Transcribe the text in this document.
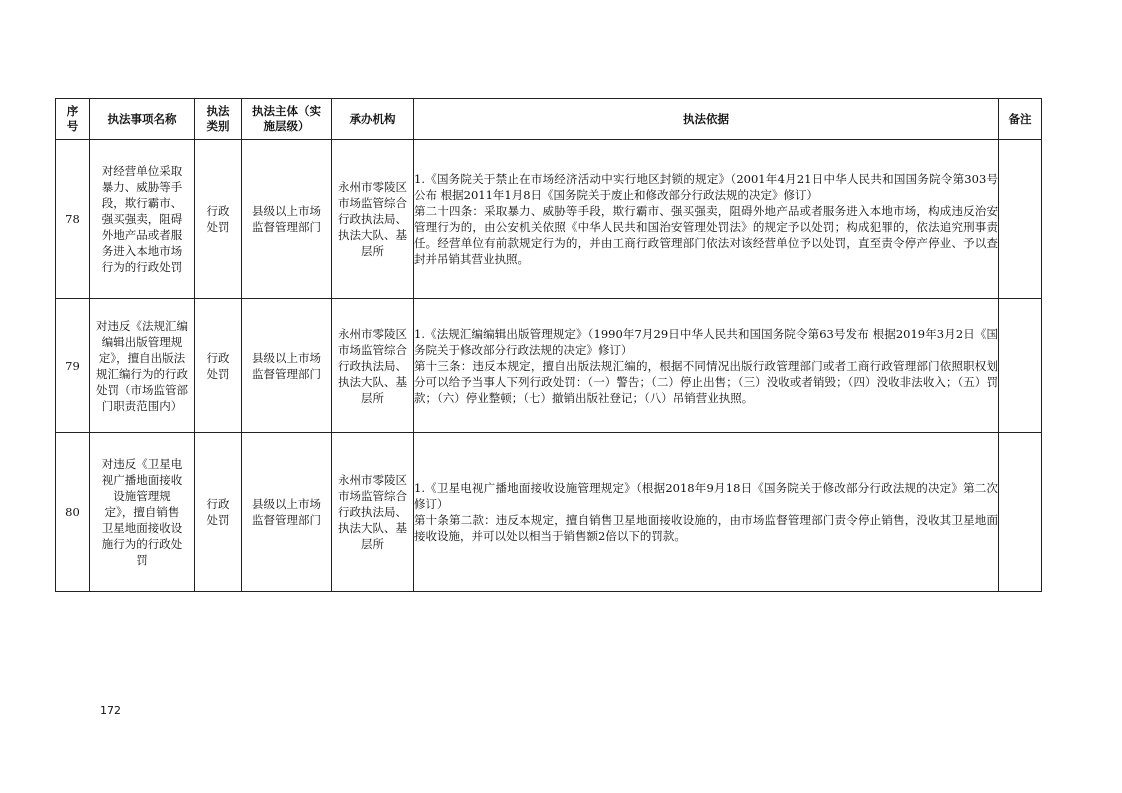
序号	执法事项名称	执法类别	执法主体（实施层级）	承办机构	执法依据	备注
78	对经营单位采取暴力、威胁等手段，欺行霸市、强买强卖，阻碍外地产品或者服务进入本地市场行为的行政处罚	行政处罚	县级以上市场监督管理部门	永州市零陵区市场监管综合行政执法局、执法大队、基层所	1.《国务院关于禁止在市场经济活动中实行地区封锁的规定》（2001年4月21日中华人民共和国国务院令第303号公布 根据2011年1月8日《国务院关于废止和修改部分行政法规的决定》修订）
第二十四条：采取暴力、威胁等手段，欺行霸市、强买强卖，阻碍外地产品或者服务进入本地市场，构成违反治安管理行为的，由公安机关依照《中华人民共和国治安管理处罚法》的规定予以处罚；构成犯罪的，依法追究刑事责任。经营单位有前款规定行为的，并由工商行政管理部门依法对该经营单位予以处罚，直至责令停产停业、予以查封并吊销其营业执照。	

79	对违反《法规汇编编辑出版管理规定》，擅自出版法规汇编行为的行政处罚（市场监管部门职责范围内）	行政处罚	县级以上市场监督管理部门	永州市零陵区市场监管综合行政执法局、执法大队、基层所	1.《法规汇编编辑出版管理规定》（1990年7月29日中华人民共和国国务院令第63号发布 根据2019年3月2日《国务院关于修改部分行政法规的决定》修订）
第十三条：违反本规定，擅自出版法规汇编的，根据不同情况出版行政管理部门或者工商行政管理部门依照职权划分可以给予当事人下列行政处罚：（一）警告；（二）停止出售；（三）没收或者销毁；（四）没收非法收入；（五）罚款；（六）停业整顿；（七）撤销出版社登记；（八）吊销营业执照。	

80	对违反《卫星电视广播地面接收设施管理规定》，擅自销售卫星地面接收设施行为的行政处罚	行政处罚	县级以上市场监督管理部门	永州市零陵区市场监管综合行政执法局、执法大队、基层所	1.《卫星电视广播地面接收设施管理规定》（根据2018年9月18日《国务院关于修改部分行政法规的决定》第二次修订）
第十条第二款：违反本规定，擅自销售卫星地面接收设施的，由市场监督管理部门责令停止销售，没收其卫星地面接收设施，并可以处以相当于销售额2倍以下的罚款。	

172
